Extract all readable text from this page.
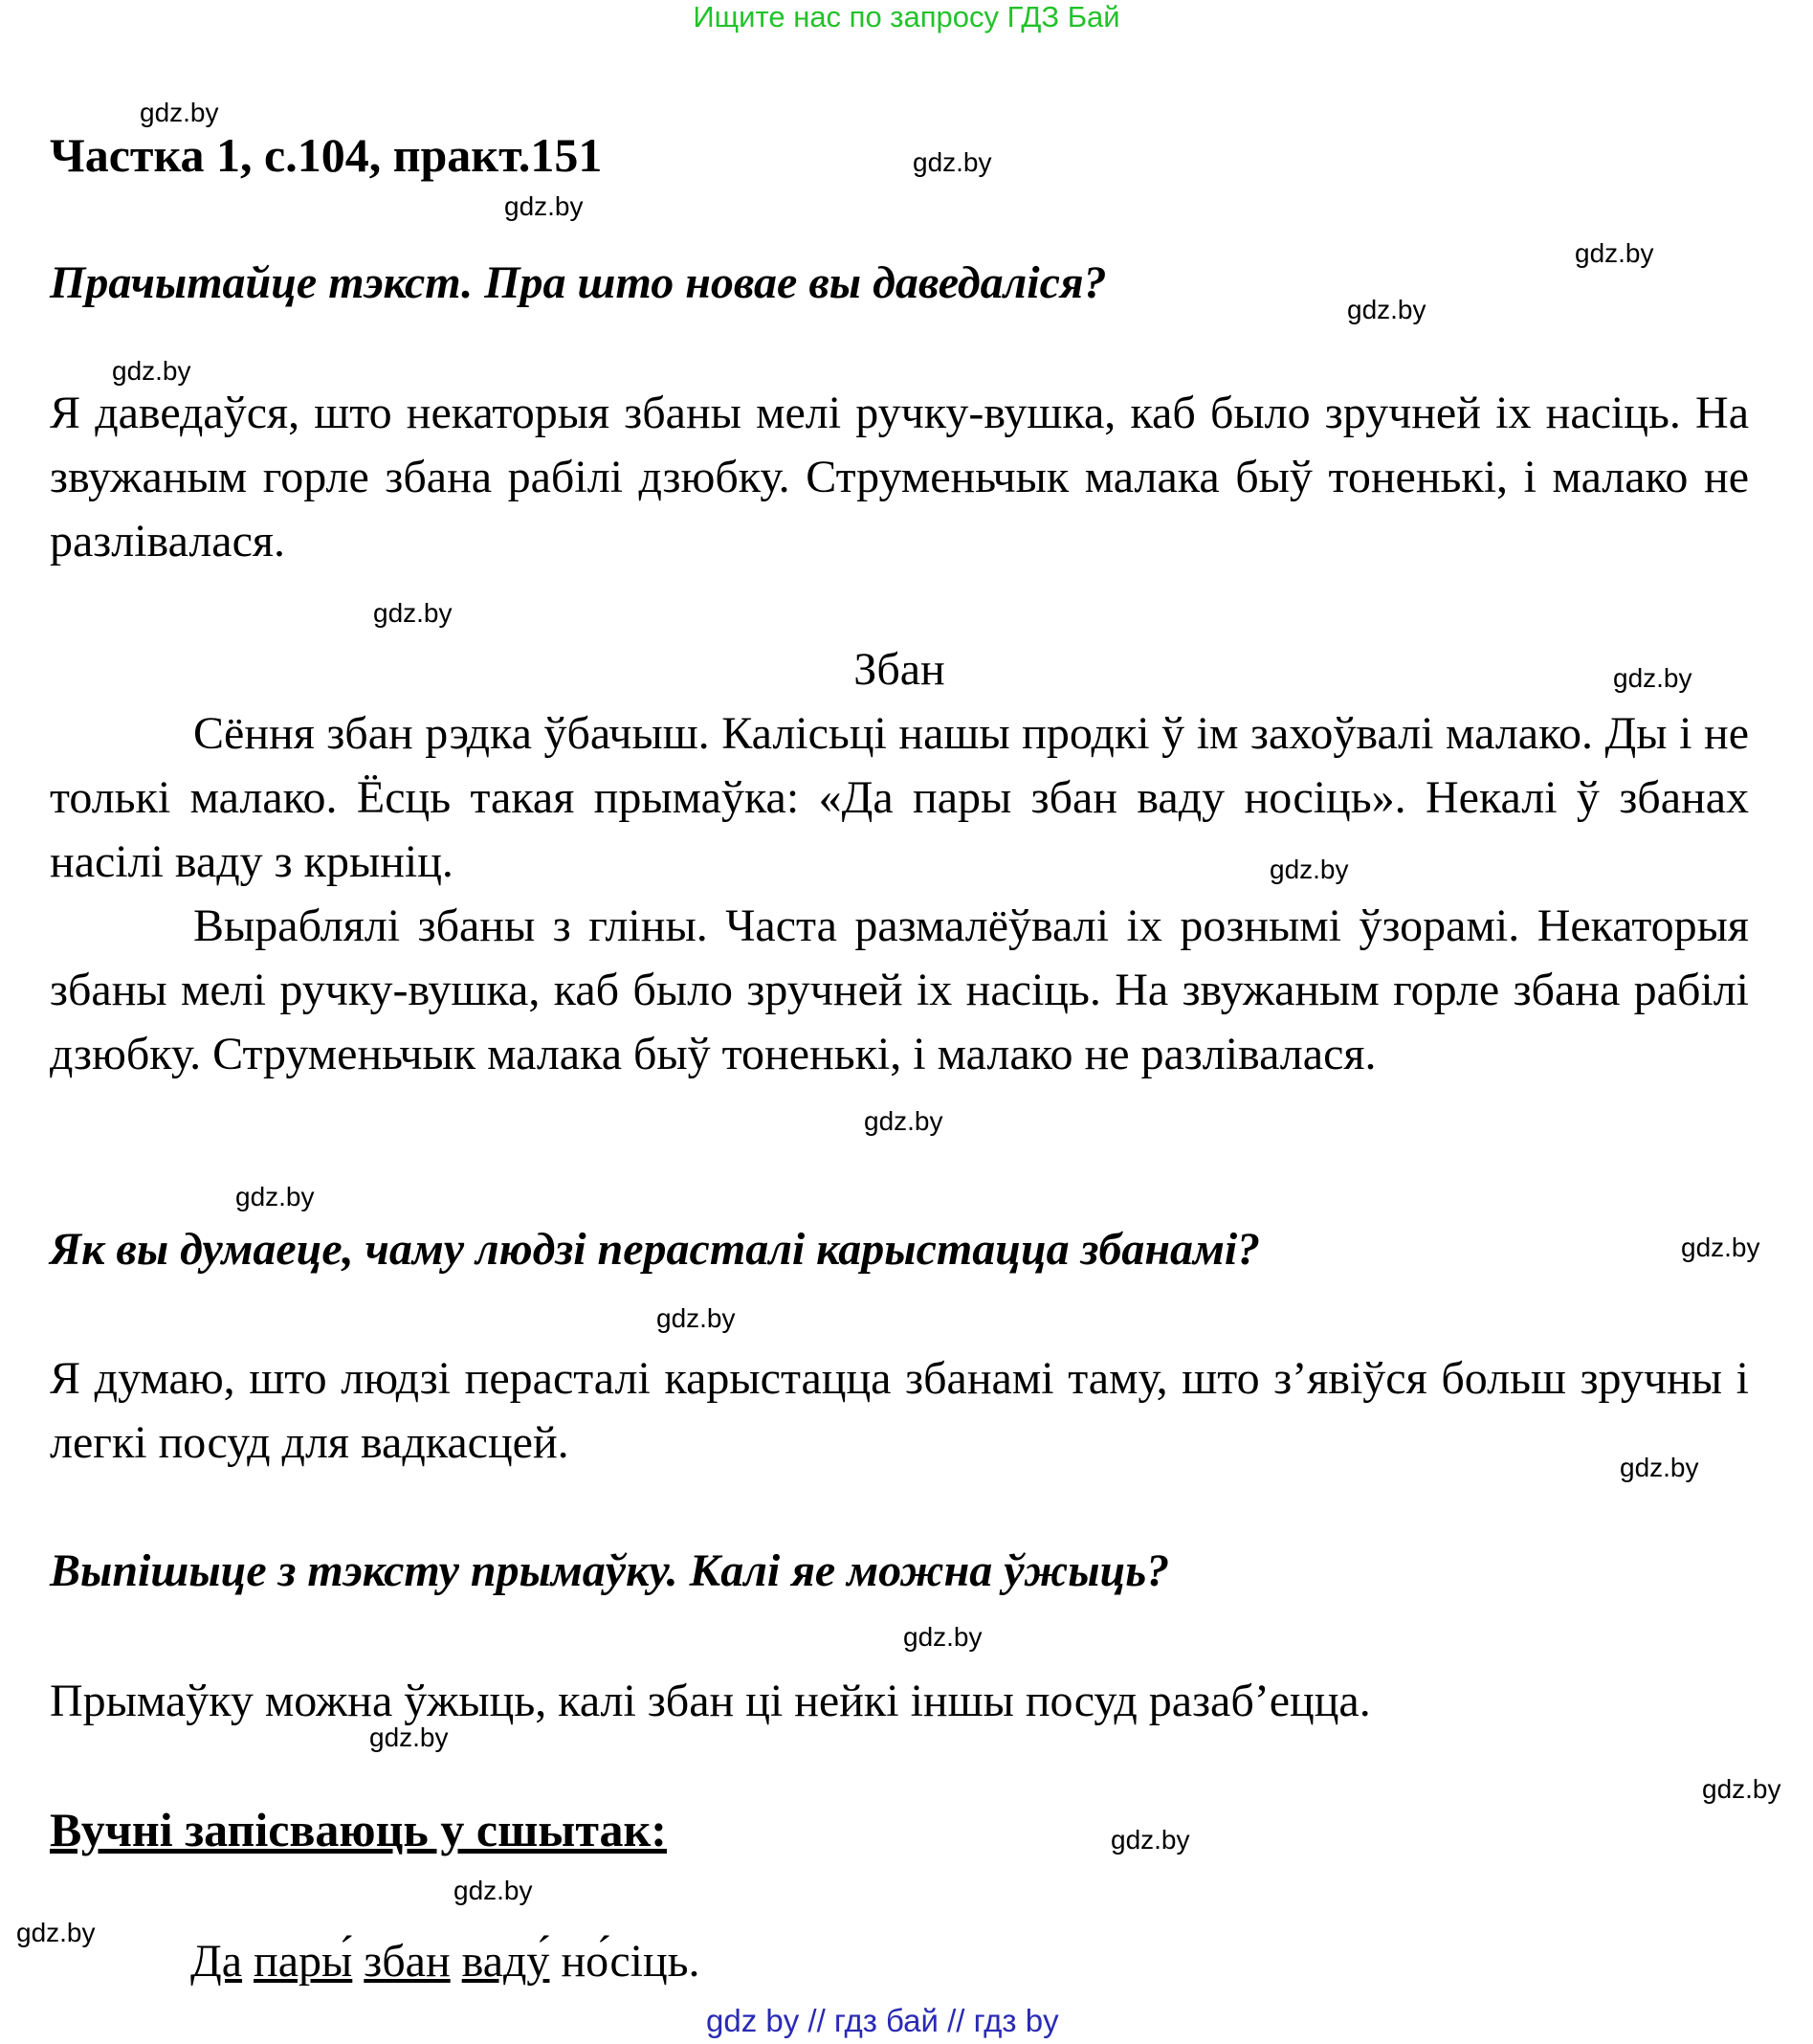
Ищите нас по запросу ГДЗ Бай
Частка 1, с.104, практ.151
Прачытайце тэкст. Пра што новае вы даведаліся?
Я даведаўся, што некаторыя збаны мелі ручку-вушка, каб было зручней іх насіць. На звужаным горле збана рабілі дзюбку. Струменьчык малака быў тоненькі, і малако не разлівалася.
Збан
Сёння збан рэдка ўбачыш. Калісьці нашы продкі ў ім захоўвалі малако. Ды і не толькі малако. Ёсць такая прымаўка: «Да пары збан ваду носіць». Некалі ў збанах насілі ваду з крыніц.
Выраблялі збаны з гліны. Часта размалёўвалі іх рознымі ўзорамі. Некаторыя збаны мелі ручку-вушка, каб было зручней іх насіць. На звужаным горле збана рабілі дзюбку. Струменьчык малака быў тоненькі, і малако не разлівалася.
Як вы думаеце, чаму людзі перасталі карыстацца збанамі?
Я думаю, што людзі перасталі карыстацца збанамі таму, што з’явіўся больш зручны і легкі посуд для вадкасцей.
Выпішыце з тэксту прымаўку. Калі яе можна ўжыць?
Прымаўку можна ўжыць, калі збан ці нейкі іншы посуд разаб’ецца.
Вучні запісваюць у сшытак:
Да пары́ збан ваду́ но́сіць.
gdz.by
gdz.by
gdz.by
gdz.by
gdz.by
gdz.by
gdz.by
gdz.by
gdz.by
gdz.by
gdz.by
gdz.by
gdz.by
gdz.by
gdz.by
gdz.by
gdz.by
gdz.by
gdz.by
gdz.by
gdz by // гдз бай // гдз by
